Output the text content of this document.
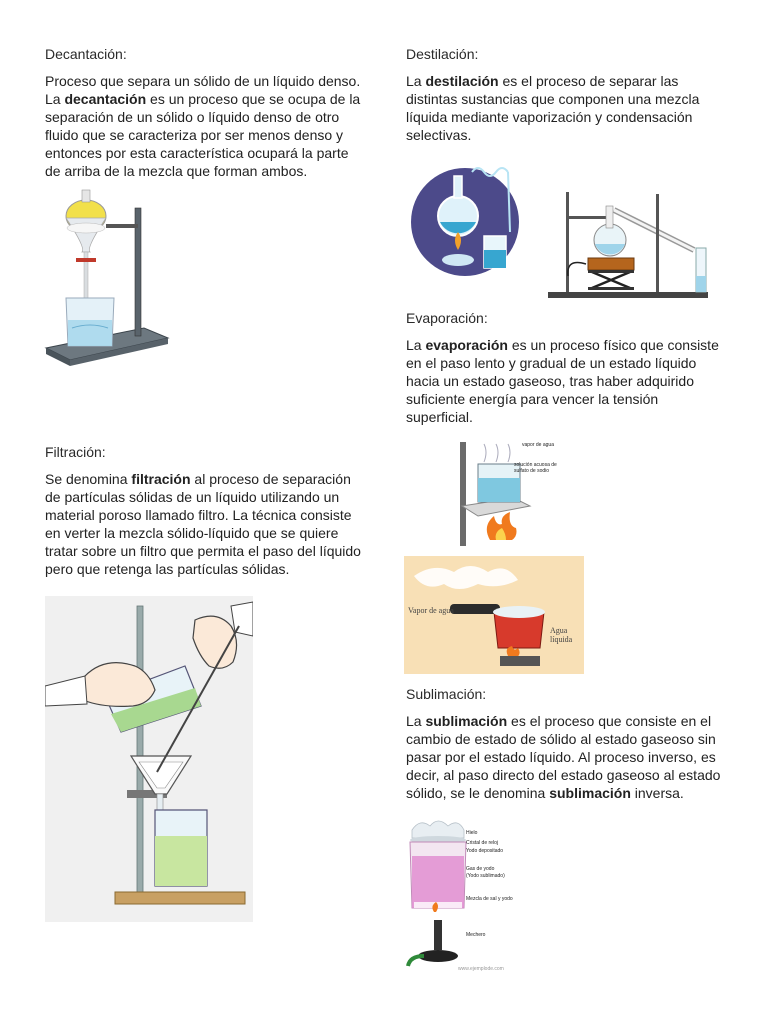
Decantación:
Proceso que separa un sólido de un líquido denso. La decantación es un proceso que se ocupa de la separación de un sólido o líquido denso de otro fluido que se caracteriza por ser menos denso y entonces por esta característica ocupará la parte de arriba de la mezcla que forman ambos.
Destilación:
La destilación es el proceso de separar las distintas sustancias que componen una mezcla líquida mediante vaporización y condensación selectivas.
Evaporación:
La evaporación es un proceso físico que consiste en el paso lento y gradual de un estado líquido hacia un estado gaseoso, tras haber adquirido suficiente energía para vencer la tensión superficial.
vapor de agua
solución acuosa de sulfato de sodio
Vapor de agua
Agua líquida
Filtración:
Se denomina filtración al proceso de separación de partículas sólidas de un líquido utilizando un material poroso llamado filtro. La técnica consiste en verter la mezcla sólido-líquido que se quiere tratar sobre un filtro que permita el paso del líquido pero que retenga las partículas sólidas.
Sublimación:
La sublimación es el proceso que consiste en el cambio de estado de sólido al estado gaseoso sin pasar por el estado líquido. Al proceso inverso, es decir, al paso directo del estado gaseoso al estado sólido, se le denomina sublimación inversa.
Hielo
Cristal de reloj
Yodo depositado
Gas de yodo
(Yodo sublimado)
Mezcla de sal y yodo
Mechero
www.ejemplode.com
